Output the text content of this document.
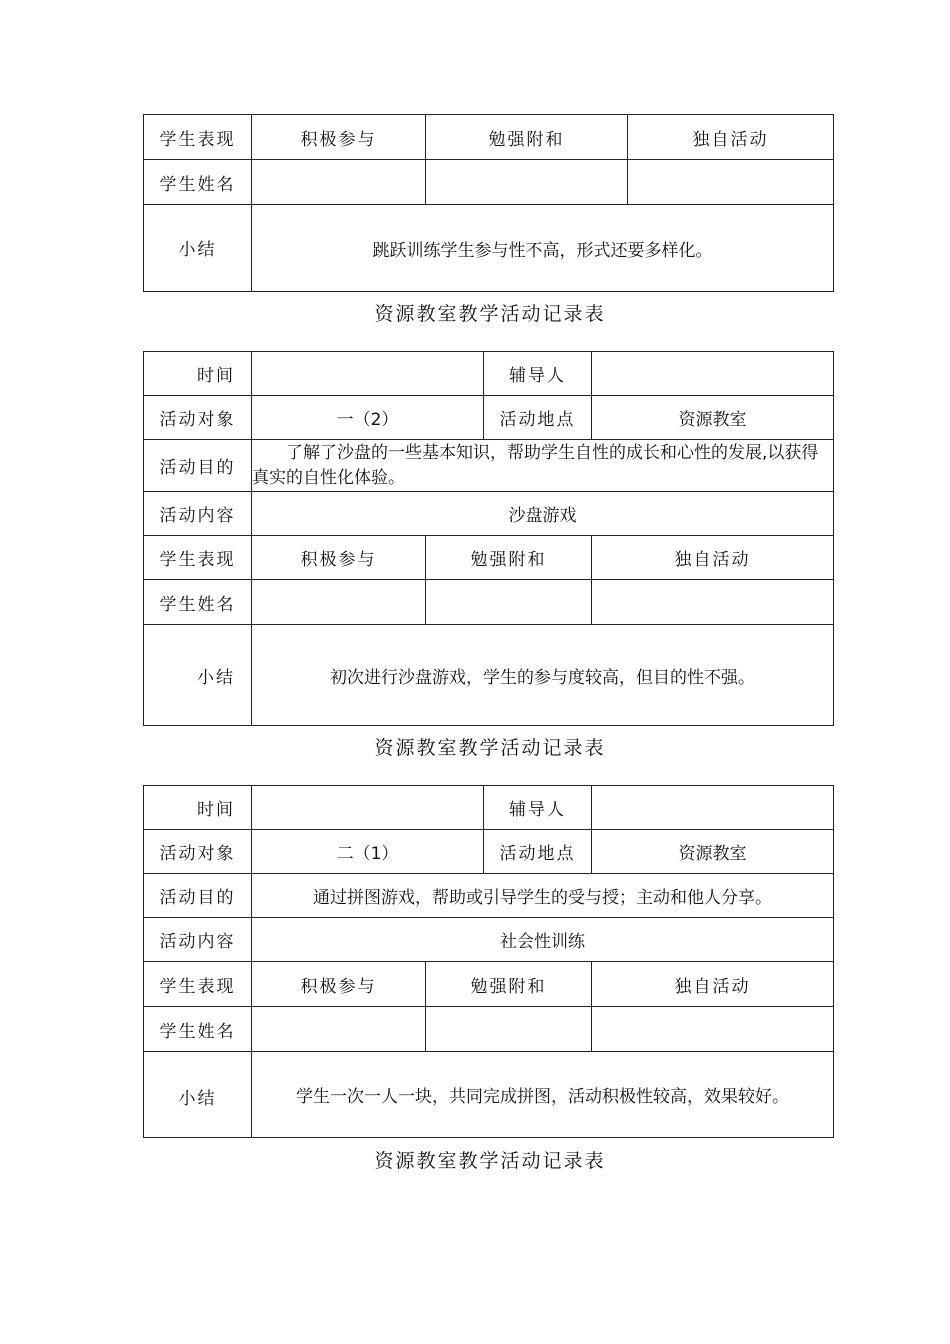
学生表现	积极参与	勉强附和	独自活动
学生姓名			
小结	跳跃训练学生参与性不高，形式还要多样化。		
资源教室教学活动记录表
时间			辅导人	
活动对象	一（2）		活动地点	资源教室
活动目的	了解了沙盘的一些基本知识，帮助学生自性的成长和心性的发展,以获得真实的自性化体验。			
活动内容	沙盘游戏			
学生表现	积极参与	勉强附和		独自活动
学生姓名				
小结	初次进行沙盘游戏，学生的参与度较高，但目的性不强。			
资源教室教学活动记录表
时间			辅导人	
活动对象	二（1）		活动地点	资源教室
活动目的	通过拼图游戏，帮助或引导学生的受与授；主动和他人分享。			
活动内容	社会性训练			
学生表现	积极参与	勉强附和		独自活动
学生姓名				
小结	学生一次一人一块，共同完成拼图，活动积极性较高，效果较好。			
资源教室教学活动记录表
